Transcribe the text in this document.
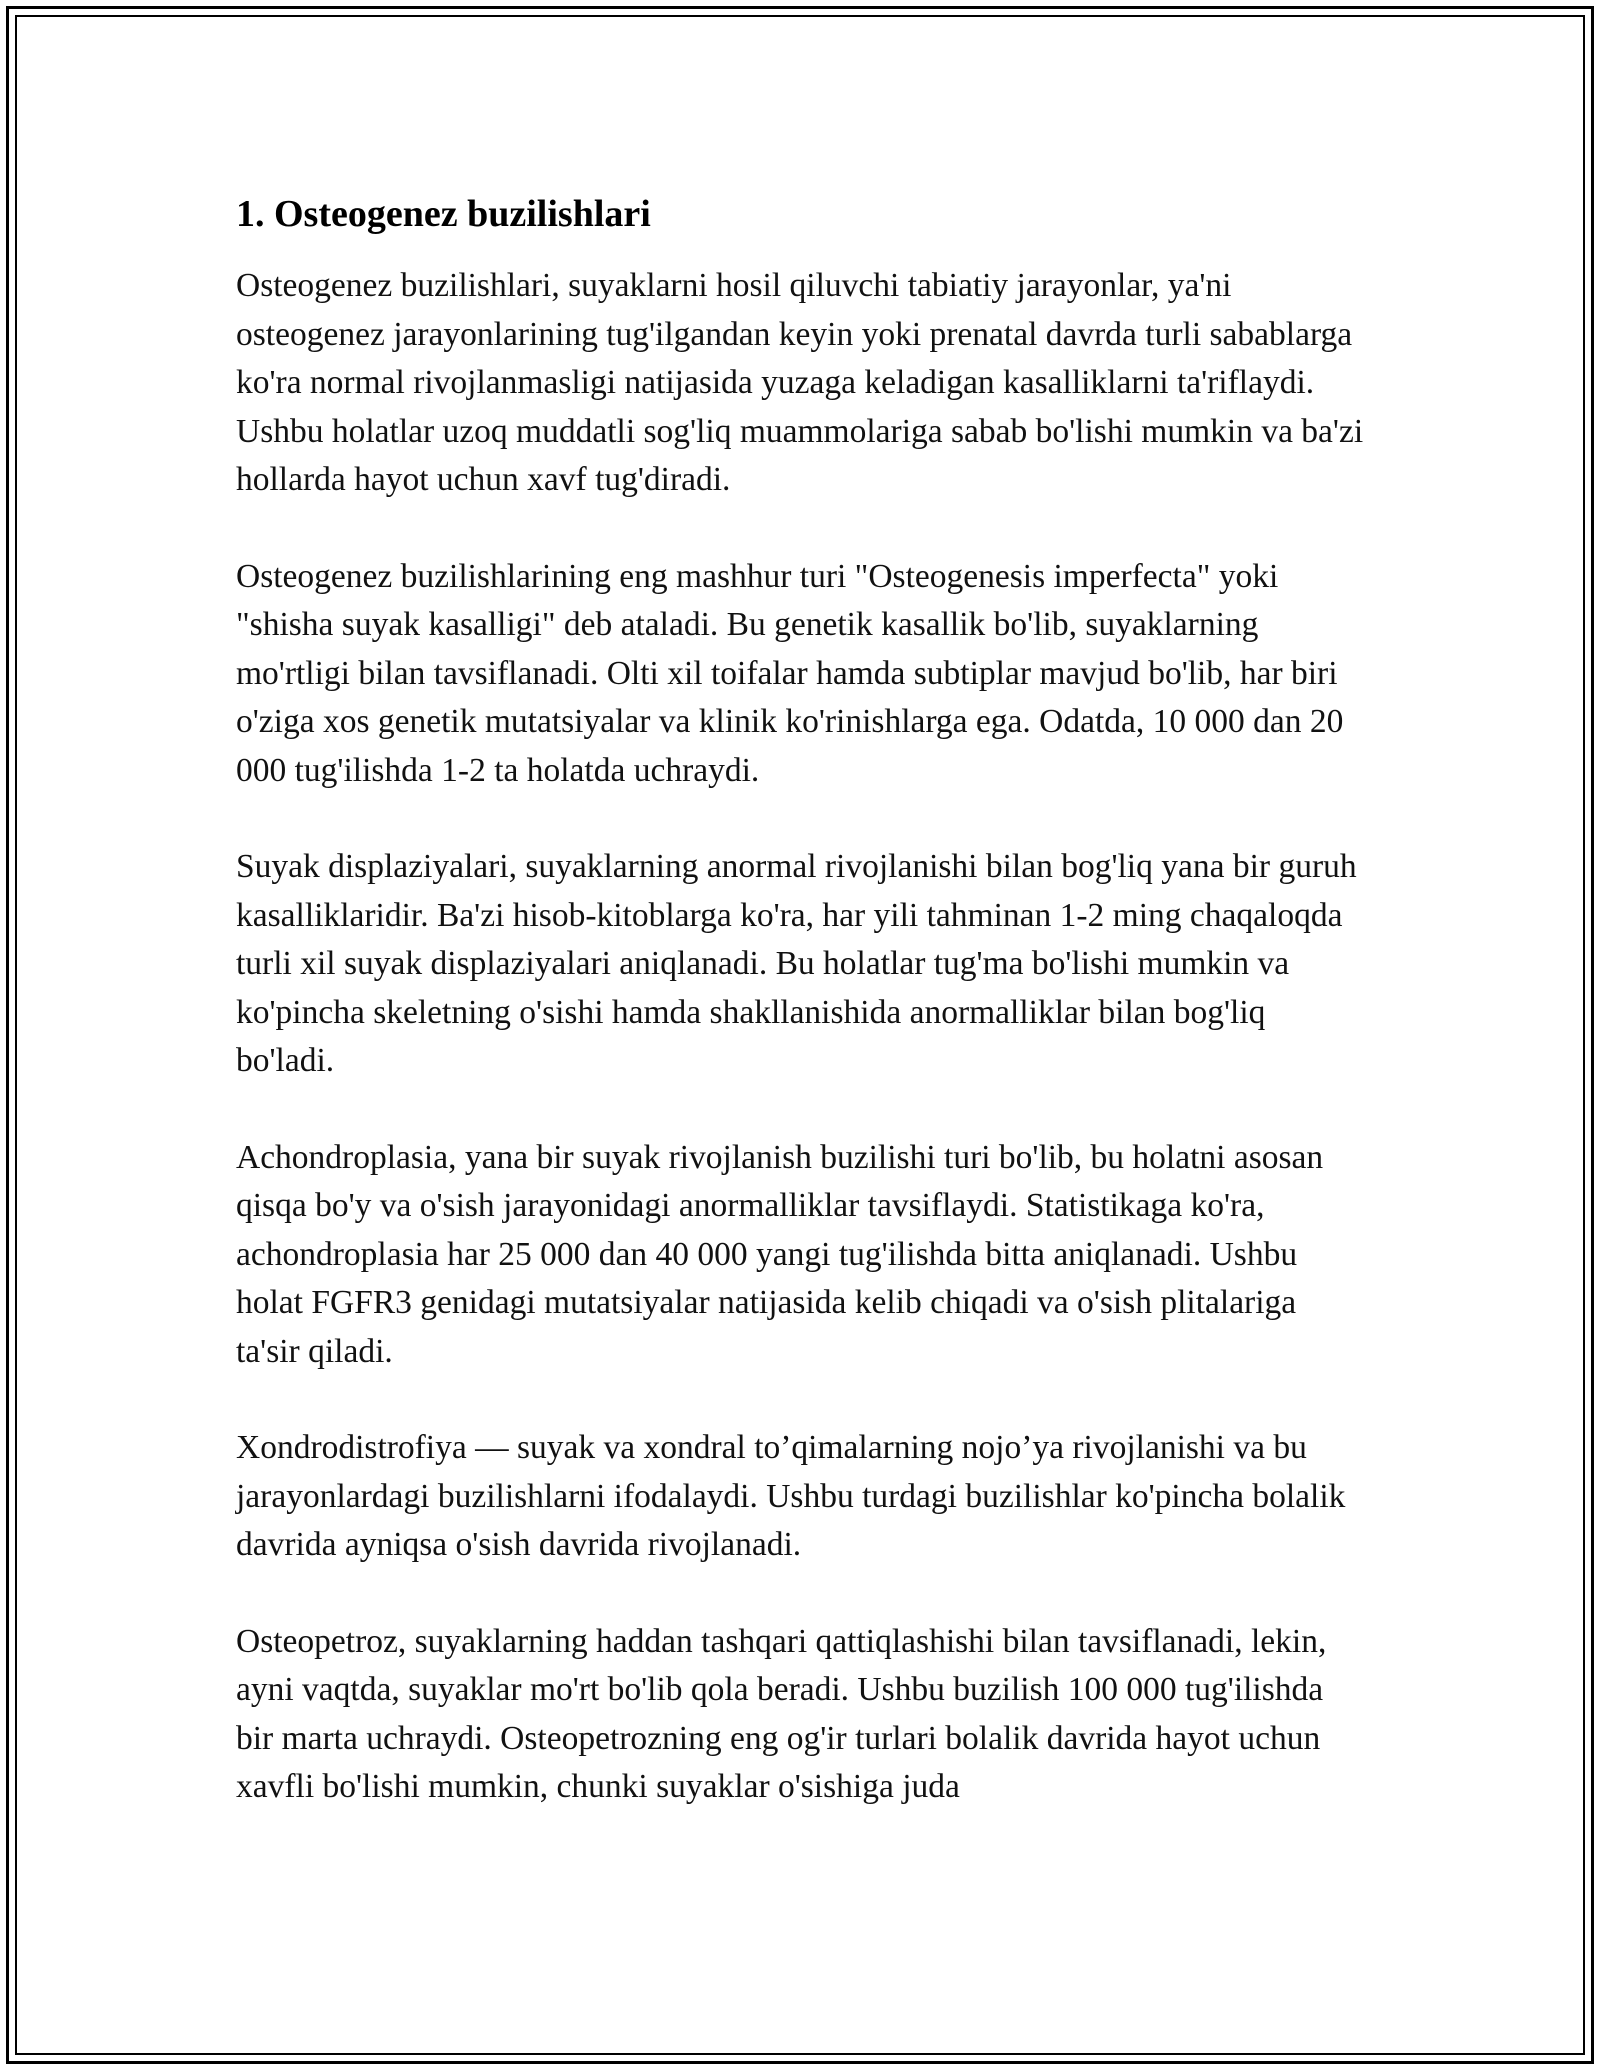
1. Osteogenez buzilishlari

Osteogenez buzilishlari, suyaklarni hosil qiluvchi tabiatiy jarayonlar, ya'ni osteogenez jarayonlarining tug'ilgandan keyin yoki prenatal davrda turli sabablarga ko'ra normal rivojlanmasligi natijasida yuzaga keladigan kasalliklarni ta'riflaydi. Ushbu holatlar uzoq muddatli sog'liq muammolariga sabab bo'lishi mumkin va ba'zi hollarda hayot uchun xavf tug'diradi.

Osteogenez buzilishlarining eng mashhur turi "Osteogenesis imperfecta" yoki "shisha suyak kasalligi" deb ataladi. Bu genetik kasallik bo'lib, suyaklarning mo'rtligi bilan tavsiflanadi. Olti xil toifalar hamda subtiplar mavjud bo'lib, har biri o'ziga xos genetik mutatsiyalar va klinik ko'rinishlarga ega. Odatda, 10 000 dan 20 000 tug'ilishda 1-2 ta holatda uchraydi.

Suyak displaziyalari, suyaklarning anormal rivojlanishi bilan bog'liq yana bir guruh kasalliklaridir. Ba'zi hisob-kitoblarga ko'ra, har yili tahminan 1-2 ming chaqaloqda turli xil suyak displaziyalari aniqlanadi. Bu holatlar tug'ma bo'lishi mumkin va ko'pincha skeletning o'sishi hamda shakllanishida anormalliklar bilan bog'liq bo'ladi.

Achondroplasia, yana bir suyak rivojlanish buzilishi turi bo'lib, bu holatni asosan qisqa bo'y va o'sish jarayonidagi anormalliklar tavsiflaydi. Statistikaga ko'ra, achondroplasia har 25 000 dan 40 000 yangi tug'ilishda bitta aniqlanadi. Ushbu holat FGFR3 genidagi mutatsiyalar natijasida kelib chiqadi va o'sish plitalariga ta'sir qiladi.

Xondrodistrofiya — suyak va xondral to’qimalarning nojo’ya rivojlanishi va bu jarayonlardagi buzilishlarni ifodalaydi. Ushbu turdagi buzilishlar ko'pincha bolalik davrida ayniqsa o'sish davrida rivojlanadi.

Osteopetroz, suyaklarning haddan tashqari qattiqlashishi bilan tavsiflanadi, lekin, ayni vaqtda, suyaklar mo'rt bo'lib qola beradi. Ushbu buzilish 100 000 tug'ilishda bir marta uchraydi. Osteopetrozning eng og'ir turlari bolalik davrida hayot uchun xavfli bo'lishi mumkin, chunki suyaklar o'sishiga juda
